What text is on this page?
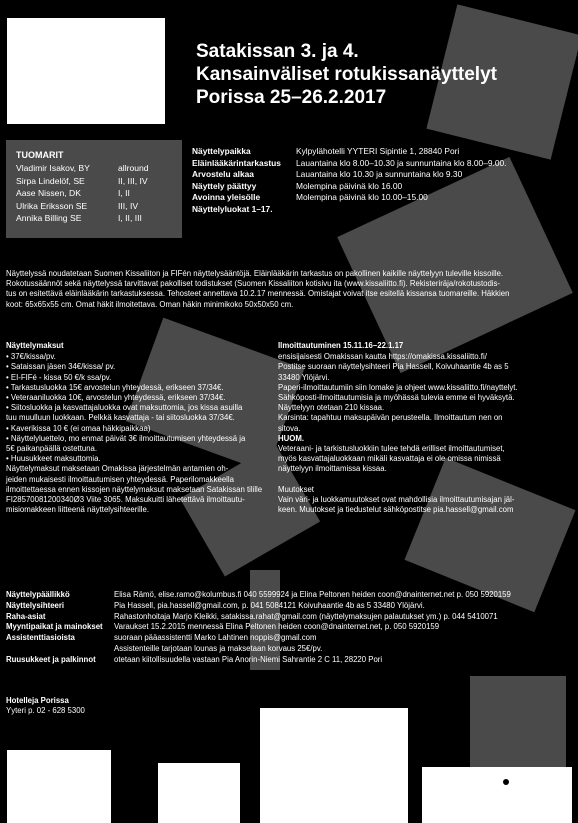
Satakissan 3. ja 4.
Kansainväliset rotukissanäyttelyt
Porissa 25–26.2.2017
TUOMARIT
Vladimir Isakov, BY	allround
Sirpa Lindelöf, SE	II, III, IV
Aase Nissen, DK	I, II
Ulrika Eriksson SE	III, IV
Annika Billing SE	I, II, III
Näyttelypaikka	Kylpylähotelli YYTERI Sipintie 1, 28840 Pori
Eläinlääkärintarkastus	Lauantaina klo 8.00–10.30 ja sunnuntaina klo 8.00–9.00.
Arvostelu alkaa	Lauantaina klo 10.30 ja sunnuntaina klo 9.30
Näyttely päättyy	Molempina päivinä klo 16.00
Avoinna yleisölle	Molempina päivinä klo 10.00–15.00
Näyttelyluokat 1–17.
Näyttelyssä noudatetaan Suomen Kissaliiton ja FIFén näyttelysääntöjä. Eläinlääkärin tarkastus on pakollinen kaikille näyttelyyn tuleville kissoille.
Rokotussäännöt sekä näyttelyssä tarvittavat pakolliset todistukset (Suomen Kissaliiton kotisivu ita (www.kissaliitto.fi). Rekisteriräja/rokotustodis-
tus on esitettävä eläinlääkärin tarkastuksessa. Tehosteet annettava 10.2.17 mennessä. Omistajat voivat itse esitellä kissansa tuomareille. Häkkien
koot: 65x65x55 cm. Omat häkit ilmoitettava. Oman häkin minimikoko 50x50x50 cm.
Näyttelymaksut
• 37€/kissa/pv.
• Sataissan jäsen 34€/kissa/ pv.
• EI-FIFé - kissa 50 €/k ssa/pv.
• Tarkastusluokka 15€ arvostelun yhteydessä, erikseen 37/34€.
• Veteraaniluokka 10€, arvostelun yhteydessä, erikseen 37/34€.
• Siitosluokka ja kasvattajaluokka ovat maksuttomia, jos kissa asuillа
tuu muulluun luokkaan. Pelkkä kasvattaja - tai siitosluokka 37/34€.
• Kaverikissa 10 € (ei omaa häkkipaikkaa)
• Näyttelyluettelo, mo enmat päivät 3€ ilmoittautumisen yhteydessä ja
5€ paikanpäällä ostettuna.
• Huusukkeet maksuttomia.
Näyttelymaksut maksetaan Omakissa järjestelmän antamien oh-
jeiden mukaisesti ilmoittautumisen yhteydessä. Paperilomakkeella
ilmoittettaessa ennen kissojen näyttelymaksut maksetaan Satakissan tilille
FI28570081200340Ø3 Viite 3065. Maksukuitti lähetettävä ilmoittautu-
misiomakkeen liitteenä näyttelysihteerille.
Ilmoittautuminen 15.11.16–22.1.17
ensisijaisesti Omakissan kautta https://omakissa.kissaliitto.fi/
Postitse suoraan näyttelysihteeri Pia Hassell, Koivuhaantie 4b as 5
33480 Ylöjärvi.
Paperi-ilmoittautumiin siin lomake ja ohjeet www.kissaliitto.fi/nayttelyt.
Sähköposti-ilmoittautumisia ja myöhässä tulevia emme ei hyväksytä.
Näyttelyyn otetaan 210 kissaa.
Karsinta: tapahtuu maksupäivän perusteella. Ilmoittautum nen on
sitova.
HUOM.
Veteraani- ja tarkistusluokkiin tulee tehdä erilliset ilmoittautumiset,
myös kasvattajaluokkaan mikäli kasvattaja ei ole omissa nimissä
näyttelyyn ilmoittamissa kissaa.
Muutokset
Vain väri- ja luokkamuutokset ovat mahdollisia ilmoittautumisajan jäl-
keen. Muutokset ja tiedustelut sähköpostitse pia.hassell@gmail.com
Näyttelypäällikkö	Elisa Rämö, elise.ramo@kolumbus.fi 040 5599924 ja Elina Peltonen heiden coon@dnainternet.net p. 050 5920159
Näyttelysihteeri	Pia Hassell, pia.hassell@gmail.com, p. 041 5084121 Koivuhaantie 4b as 5 33480 Ylöjärvi.
Raha-asiat	Rahastonhoitaja Marjo Kleikki, satakissa.rahat@gmail.com (näyttelymaksujen palautukset ym.) p. 044 5410071
Myyntipaikat ja mainokset	Varaukset 15.2.2015 mennessä Elina Peltonen heiden coon@dnainternet.net, p. 050 5920159
Assistenttiasioista	suoraan pääassistentti Marko Lahtinen noppis@gmail.com
Assistenteille tarjotaan lounas ja maksetaan korvaus 25€/pv.
Ruusukkeet ja palkinnot	otetaan kiitollisuudella vastaan Pia Anorin-Niemi Sahrantie 2 C 11, 28220 Pori
Hotelleja Porissa
Yyteri p. 02 - 628 5300
